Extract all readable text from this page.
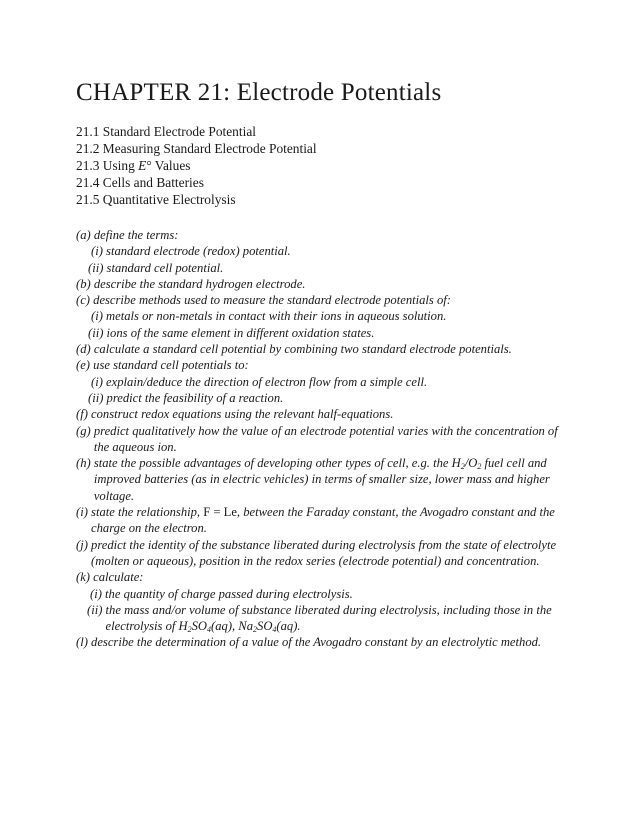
CHAPTER 21: Electrode Potentials
21.1 Standard Electrode Potential
21.2 Measuring Standard Electrode Potential
21.3 Using E° Values
21.4 Cells and Batteries
21.5 Quantitative Electrolysis
(a) define the terms:
(i) standard electrode (redox) potential.
(ii) standard cell potential.
(b) describe the standard hydrogen electrode.
(c) describe methods used to measure the standard electrode potentials of:
(i) metals or non-metals in contact with their ions in aqueous solution.
(ii) ions of the same element in different oxidation states.
(d) calculate a standard cell potential by combining two standard electrode potentials.
(e) use standard cell potentials to:
(i) explain/deduce the direction of electron flow from a simple cell.
(ii) predict the feasibility of a reaction.
(f) construct redox equations using the relevant half-equations.
(g) predict qualitatively how the value of an electrode potential varies with the concentration of the aqueous ion.
(h) state the possible advantages of developing other types of cell, e.g. the $H_2/O_2$ fuel cell and improved batteries (as in electric vehicles) in terms of smaller size, lower mass and higher voltage.
(i) state the relationship, F = Le, between the Faraday constant, the Avogadro constant and the charge on the electron.
(j) predict the identity of the substance liberated during electrolysis from the state of electrolyte (molten or aqueous), position in the redox series (electrode potential) and concentration.
(k) calculate:
(i) the quantity of charge passed during electrolysis.
(ii) the mass and/or volume of substance liberated during electrolysis, including those in the electrolysis of $H_2SO_4(aq)$, $Na_2SO_4(aq)$.
(l) describe the determination of a value of the Avogadro constant by an electrolytic method.
